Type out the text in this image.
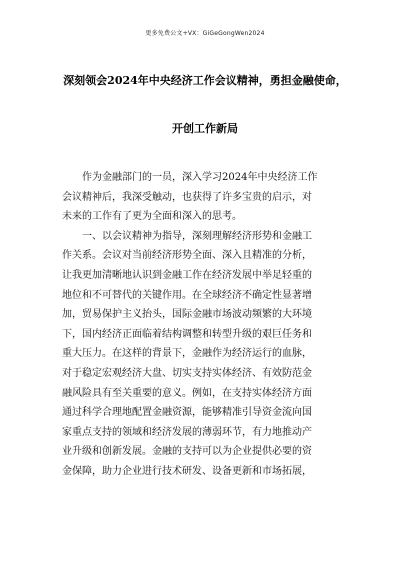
更多免费公文+VX：GiGeGongWen2024
深刻领会2024年中央经济工作会议精神，勇担金融使命，
开创工作新局
作为金融部门的一员，深入学习2024年中央经济工作
会议精神后，我深受触动，也获得了许多宝贵的启示，对
未来的工作有了更为全面和深入的思考。
一、以会议精神为指导，深刻理解经济形势和金融工
作关系。会议对当前经济形势全面、深入且精准的分析，
让我更加清晰地认识到金融工作在经济发展中举足轻重的
地位和不可替代的关键作用。在全球经济不确定性显著增
加，贸易保护主义抬头，国际金融市场波动频繁的大环境
下，国内经济正面临着结构调整和转型升级的艰巨任务和
重大压力。在这样的背景下，金融作为经济运行的血脉，
对于稳定宏观经济大盘、切实支持实体经济、有效防范金
融风险具有至关重要的意义。例如，在支持实体经济方面
通过科学合理地配置金融资源，能够精准引导资金流向国
家重点支持的领域和经济发展的薄弱环节，有力地推动产
业升级和创新发展。金融的支持可以为企业提供必要的资
金保障，助力企业进行技术研发、设备更新和市场拓展，
